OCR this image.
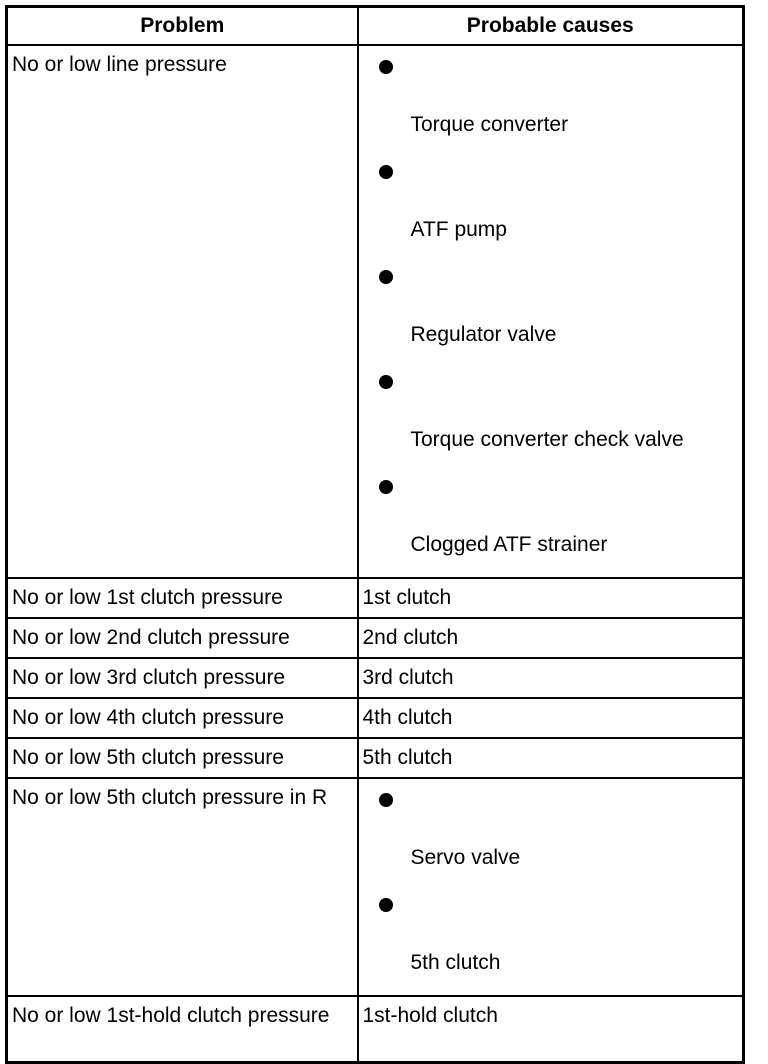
Problem	Probable causes
No or low line pressure	Torque converter
ATF pump
Regulator valve
Torque converter check valve
Clogged ATF strainer

No or low 1st clutch pressure	1st clutch
No or low 2nd clutch pressure	2nd clutch
No or low 3rd clutch pressure	3rd clutch
No or low 4th clutch pressure	4th clutch
No or low 5th clutch pressure	5th clutch
No or low 5th clutch pressure in R	Servo valve
5th clutch

No or low 1st-hold clutch pressure	1st-hold clutch
